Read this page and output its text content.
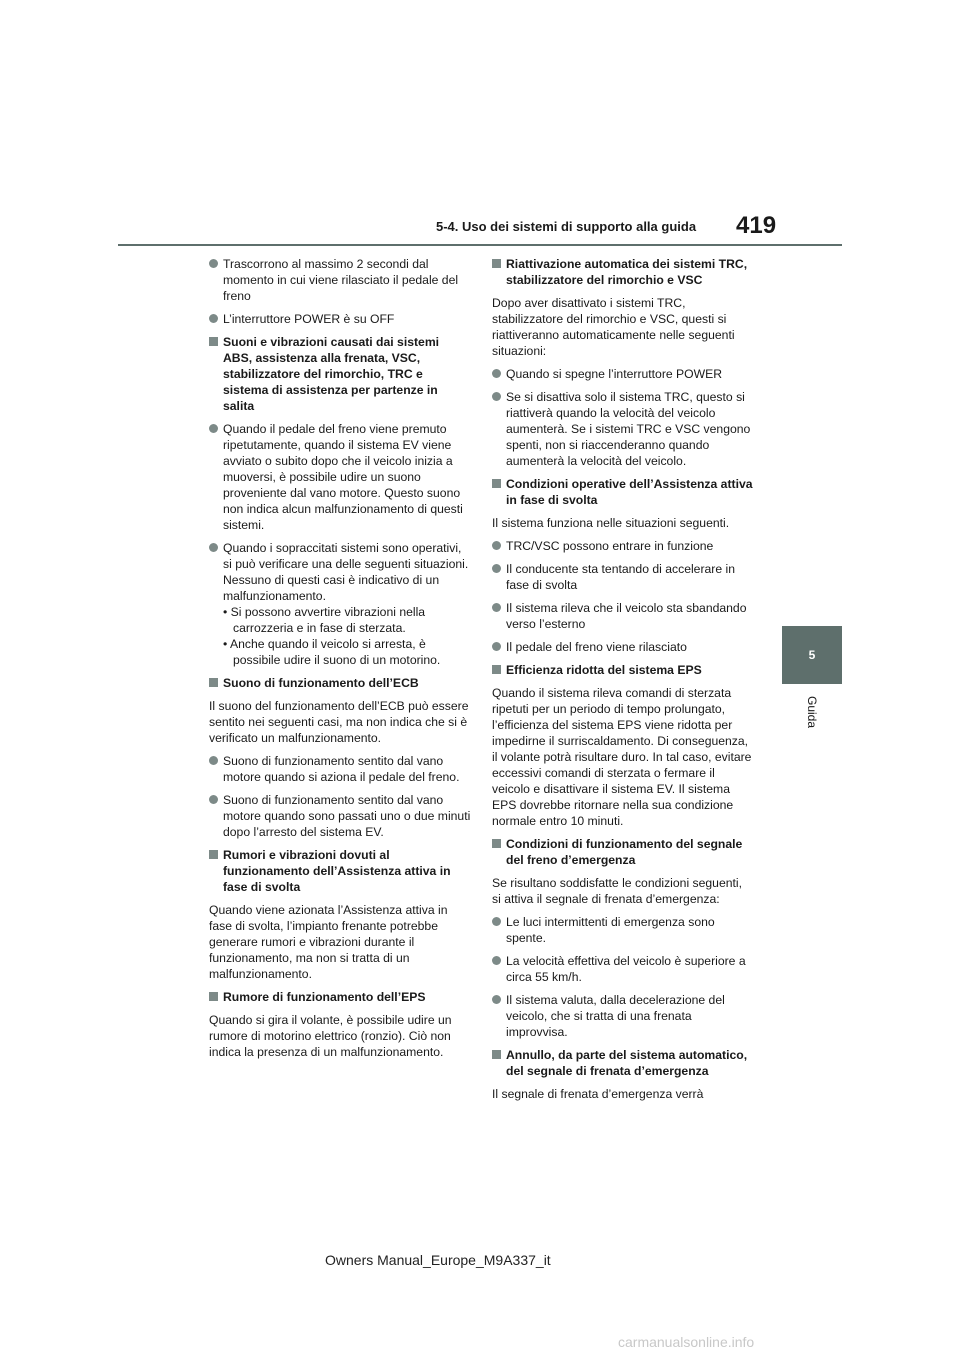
5-4. Uso dei sistemi di supporto alla guida 419
5
Guida
Trascorrono al massimo 2 secondi dal momento in cui viene rilasciato il pedale del freno
L’interruttore POWER è su OFF
Suoni e vibrazioni causati dai sistemi ABS, assistenza alla frenata, VSC, stabilizzatore del rimorchio, TRC e sistema di assistenza per partenze in salita
Quando il pedale del freno viene premuto ripetutamente, quando il sistema EV viene avviato o subito dopo che il veicolo inizia a muoversi, è possibile udire un suono proveniente dal vano motore. Questo suono non indica alcun malfunzionamento di questi sistemi.
Quando i sopraccitati sistemi sono operativi, si può verificare una delle seguenti situazioni. Nessuno di questi casi è indicativo di un malfunzionamento.
• Si possono avvertire vibrazioni nella carrozzeria e in fase di sterzata.
• Anche quando il veicolo si arresta, è possibile udire il suono di un motorino.
Suono di funzionamento dell’ECB
Il suono del funzionamento dell’ECB può essere sentito nei seguenti casi, ma non indica che si è verificato un malfunzionamento.
Suono di funzionamento sentito dal vano motore quando si aziona il pedale del freno.
Suono di funzionamento sentito dal vano motore quando sono passati uno o due minuti dopo l’arresto del sistema EV.
Rumori e vibrazioni dovuti al funzionamento dell’Assistenza attiva in fase di svolta
Quando viene azionata l’Assistenza attiva in fase di svolta, l’impianto frenante potrebbe generare rumori e vibrazioni durante il funzionamento, ma non si tratta di un malfunzionamento.
Rumore di funzionamento dell’EPS
Quando si gira il volante, è possibile udire un rumore di motorino elettrico (ronzio). Ciò non indica la presenza di un malfunzionamento.
Riattivazione automatica dei sistemi TRC, stabilizzatore del rimorchio e VSC
Dopo aver disattivato i sistemi TRC, stabilizzatore del rimorchio e VSC, questi si riattiveranno automaticamente nelle seguenti situazioni:
Quando si spegne l’interruttore POWER
Se si disattiva solo il sistema TRC, questo si riattiverà quando la velocità del veicolo aumenterà. Se i sistemi TRC e VSC vengono spenti, non si riaccenderanno quando aumenterà la velocità del veicolo.
Condizioni operative dell’Assistenza attiva in fase di svolta
Il sistema funziona nelle situazioni seguenti.
TRC/VSC possono entrare in funzione
Il conducente sta tentando di accelerare in fase di svolta
Il sistema rileva che il veicolo sta sbandando verso l’esterno
Il pedale del freno viene rilasciato
Efficienza ridotta del sistema EPS
Quando il sistema rileva comandi di sterzata ripetuti per un periodo di tempo prolungato, l’efficienza del sistema EPS viene ridotta per impedirne il surriscaldamento. Di conseguenza, il volante potrà risultare duro. In tal caso, evitare eccessivi comandi di sterzata o fermare il veicolo e disattivare il sistema EV. Il sistema EPS dovrebbe ritornare nella sua condizione normale entro 10 minuti.
Condizioni di funzionamento del segnale del freno d’emergenza
Se risultano soddisfatte le condizioni seguenti, si attiva il segnale di frenata d’emergenza:
Le luci intermittenti di emergenza sono spente.
La velocità effettiva del veicolo è superiore a circa 55 km/h.
Il sistema valuta, dalla decelerazione del veicolo, che si tratta di una frenata improvvisa.
Annullo, da parte del sistema automatico, del segnale di frenata d’emergenza
Il segnale di frenata d’emergenza verrà
Owners Manual_Europe_M9A337_it
carmanualsonline.info
